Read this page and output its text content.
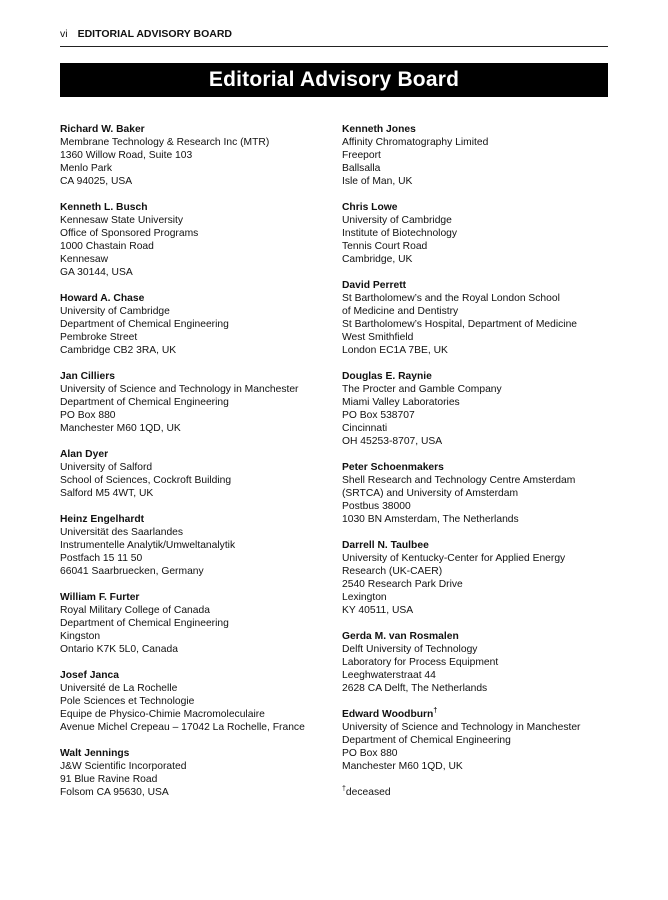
vi EDITORIAL ADVISORY BOARD
Editorial Advisory Board
Richard W. Baker
Membrane Technology & Research Inc (MTR)
1360 Willow Road, Suite 103
Menlo Park
CA 94025, USA
Kenneth L. Busch
Kennesaw State University
Office of Sponsored Programs
1000 Chastain Road
Kennesaw
GA 30144, USA
Howard A. Chase
University of Cambridge
Department of Chemical Engineering
Pembroke Street
Cambridge CB2 3RA, UK
Jan Cilliers
University of Science and Technology in Manchester
Department of Chemical Engineering
PO Box 880
Manchester M60 1QD, UK
Alan Dyer
University of Salford
School of Sciences, Cockroft Building
Salford M5 4WT, UK
Heinz Engelhardt
Universität des Saarlandes
Instrumentelle Analytik/Umweltanalytik
Postfach 15 11 50
66041 Saarbruecken, Germany
William F. Furter
Royal Military College of Canada
Department of Chemical Engineering
Kingston
Ontario K7K 5L0, Canada
Josef Janca
Université de La Rochelle
Pole Sciences et Technologie
Equipe de Physico-Chimie Macromoleculaire
Avenue Michel Crepeau – 17042 La Rochelle, France
Walt Jennings
J&W Scientific Incorporated
91 Blue Ravine Road
Folsom CA 95630, USA
Kenneth Jones
Affinity Chromatography Limited
Freeport
Ballsalla
Isle of Man, UK
Chris Lowe
University of Cambridge
Institute of Biotechnology
Tennis Court Road
Cambridge, UK
David Perrett
St Bartholomew’s and the Royal London School
of Medicine and Dentistry
St Bartholomew’s Hospital, Department of Medicine
West Smithfield
London EC1A 7BE, UK
Douglas E. Raynie
The Procter and Gamble Company
Miami Valley Laboratories
PO Box 538707
Cincinnati
OH 45253-8707, USA
Peter Schoenmakers
Shell Research and Technology Centre Amsterdam
(SRTCA) and University of Amsterdam
Postbus 38000
1030 BN Amsterdam, The Netherlands
Darrell N. Taulbee
University of Kentucky-Center for Applied Energy
Research (UK-CAER)
2540 Research Park Drive
Lexington
KY 40511, USA
Gerda M. van Rosmalen
Delft University of Technology
Laboratory for Process Equipment
Leeghwaterstraat 44
2628 CA Delft, The Netherlands
Edward Woodburn†
University of Science and Technology in Manchester
Department of Chemical Engineering
PO Box 880
Manchester M60 1QD, UK
†deceased
